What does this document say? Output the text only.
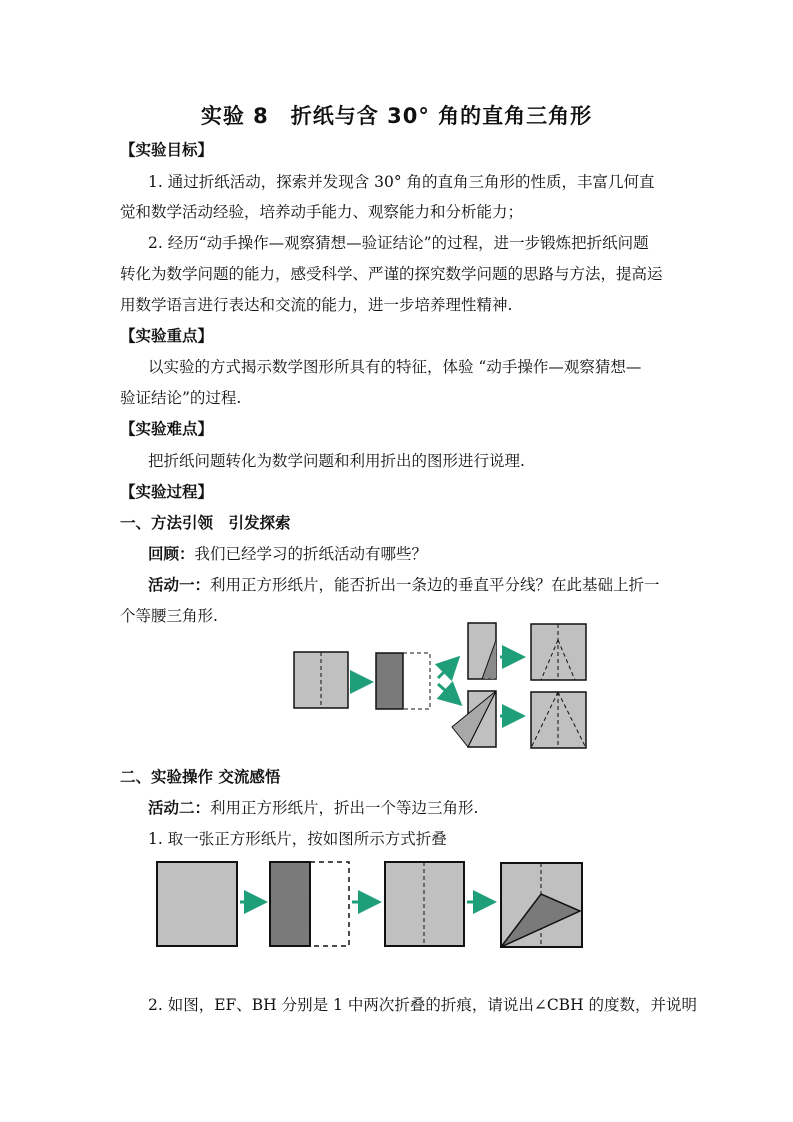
实验 8　折纸与含 30° 角的直角三角形
【实验目标】
1. 通过折纸活动，探索并发现含 30° 角的直角三角形的性质，丰富几何直
觉和数学活动经验，培养动手能力、观察能力和分析能力；
2. 经历“动手操作—观察猜想—验证结论”的过程，进一步锻炼把折纸问题
转化为数学问题的能力，感受科学、严谨的探究数学问题的思路与方法，提高运
用数学语言进行表达和交流的能力，进一步培养理性精神.
【实验重点】
以实验的方式揭示数学图形所具有的特征，体验 “动手操作—观察猜想—
验证结论”的过程.
【实验难点】
把折纸问题转化为数学问题和利用折出的图形进行说理.
【实验过程】
一、方法引领　引发探索
回顾：我们已经学习的折纸活动有哪些？
活动一：利用正方形纸片，能否折出一条边的垂直平分线？在此基础上折一
个等腰三角形.
二、实验操作 交流感悟
活动二：利用正方形纸片，折出一个等边三角形.
1. 取一张正方形纸片，按如图所示方式折叠
2. 如图，EF、BH 分别是 1 中两次折叠的折痕，请说出∠CBH 的度数，并说明
